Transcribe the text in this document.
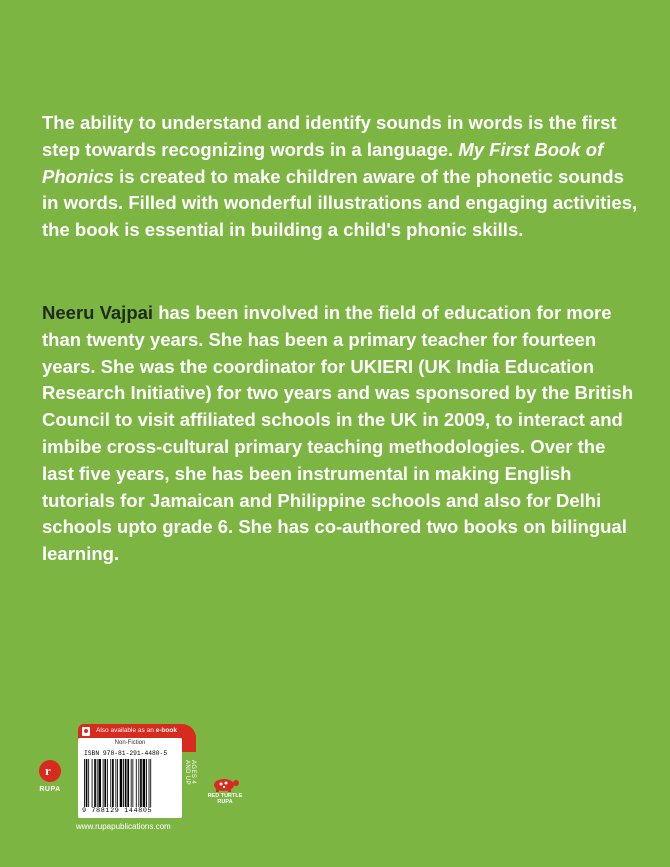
The ability to understand and identify sounds in words is the first step towards recognizing words in a language. My First Book of Phonics is created to make children aware of the phonetic sounds in words. Filled with wonderful illustrations and engaging activities, the book is essential in building a child's phonic skills.

Neeru Vajpai has been involved in the field of education for more than twenty years. She has been a primary teacher for fourteen years. She was the coordinator for UKIERI (UK India Education Research Initiative) for two years and was sponsored by the British Council to visit affiliated schools in the UK in 2009, to interact and imbibe cross-cultural primary teaching methodologies. Over the last five years, she has been instrumental in making English tutorials for Jamaican and Philippine schools and also for Delhi schools upto grade 6. She has co-authored two books on bilingual learning.

r
RUPA
Also available as an e-book
Non-Fiction
ISBN 978-81-291-4480-5
9 788129 144805
AGES 4 AND UP
RED TURTLE
RUPA
www.rupapublications.com
